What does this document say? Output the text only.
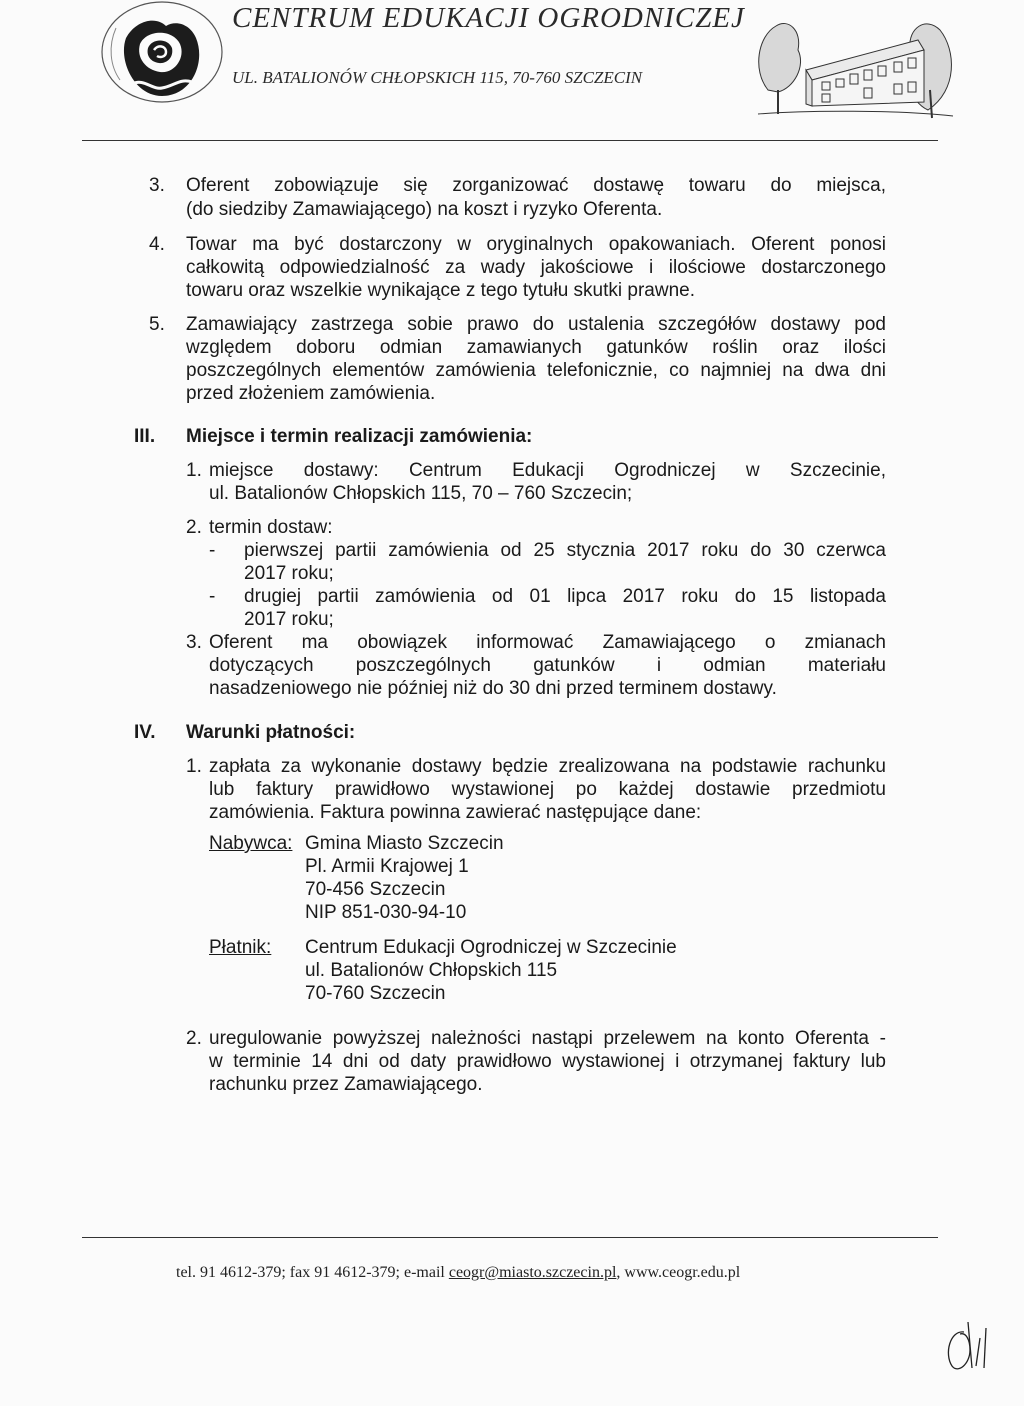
CENTRUM EDUKACJI OGRODNICZEJ
UL. BATALIONÓW CHŁOPSKICH 115, 70-760 SZCZECIN
3. Oferent zobowiązuje się zorganizować dostawę towaru do miejsca,
(do siedziby Zamawiającego) na koszt i ryzyko Oferenta.
4. Towar ma być dostarczony w oryginalnych opakowaniach. Oferent ponosi
całkowitą odpowiedzialność za wady jakościowe i ilościowe dostarczonego
towaru oraz wszelkie wynikające z tego tytułu skutki prawne.
5. Zamawiający zastrzega sobie prawo do ustalenia szczegółów dostawy pod
względem doboru odmian zamawianych gatunków roślin oraz ilości
poszczególnych elementów zamówienia telefonicznie, co najmniej na dwa dni
przed złożeniem zamówienia.
III. Miejsce i termin realizacji zamówienia:
1. miejsce dostawy: Centrum Edukacji Ogrodniczej w Szczecinie,
ul. Batalionów Chłopskich 115, 70 – 760 Szczecin;
2. termin dostaw:
- pierwszej partii zamówienia od 25 stycznia 2017 roku do 30 czerwca
2017 roku;
- drugiej partii zamówienia od 01 lipca 2017 roku do 15 listopada
2017 roku;
3. Oferent ma obowiązek informować Zamawiającego o zmianach
dotyczących poszczególnych gatunków i odmian materiału
nasadzeniowego nie później niż do 30 dni przed terminem dostawy.
IV. Warunki płatności:
1. zapłata za wykonanie dostawy będzie zrealizowana na podstawie rachunku
lub faktury prawidłowo wystawionej po każdej dostawie przedmiotu
zamówienia. Faktura powinna zawierać następujące dane:
Nabywca: Gmina Miasto Szczecin
Pl. Armii Krajowej 1
70-456 Szczecin
NIP 851-030-94-10
Płatnik: Centrum Edukacji Ogrodniczej w Szczecinie
ul. Batalionów Chłopskich 115
70-760 Szczecin
2. uregulowanie powyższej należności nastąpi przelewem na konto Oferenta -
w terminie 14 dni od daty prawidłowo wystawionej i otrzymanej faktury lub
rachunku przez Zamawiającego.
tel. 91 4612-379; fax 91 4612-379; e-mail ceogr@miasto.szczecin.pl, www.ceogr.edu.pl
